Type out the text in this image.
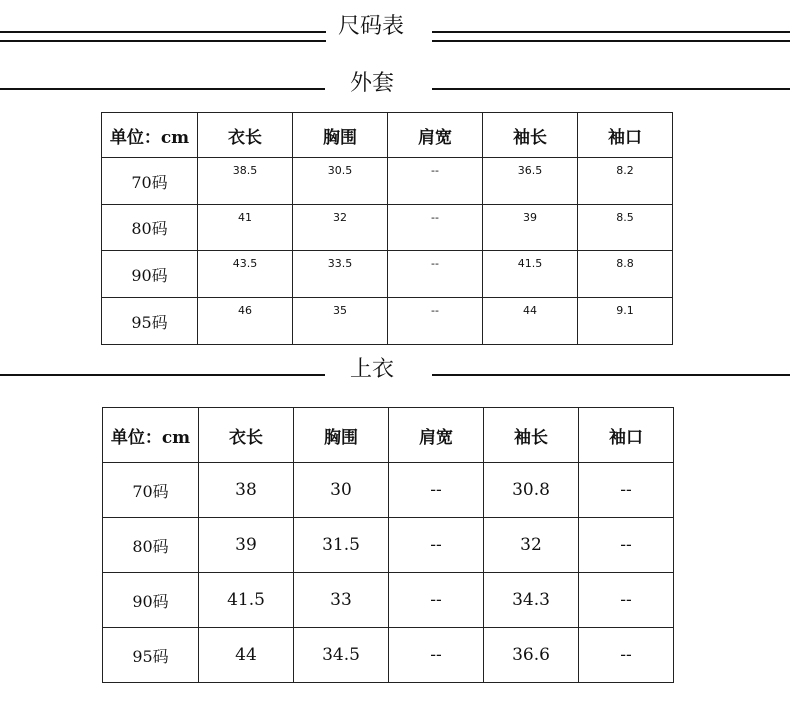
尺码表
外套
单位：cm	衣长	胸围	肩宽	袖长	袖口
70码	38.5	30.5	--	36.5	8.2
80码	41	32	--	39	8.5
90码	43.5	33.5	--	41.5	8.8
95码	46	35	--	44	9.1
上衣
单位：cm	衣长	胸围	肩宽	袖长	袖口
70码	38	30	--	30.8	--
80码	39	31.5	--	32	--
90码	41.5	33	--	34.3	--
95码	44	34.5	--	36.6	--
